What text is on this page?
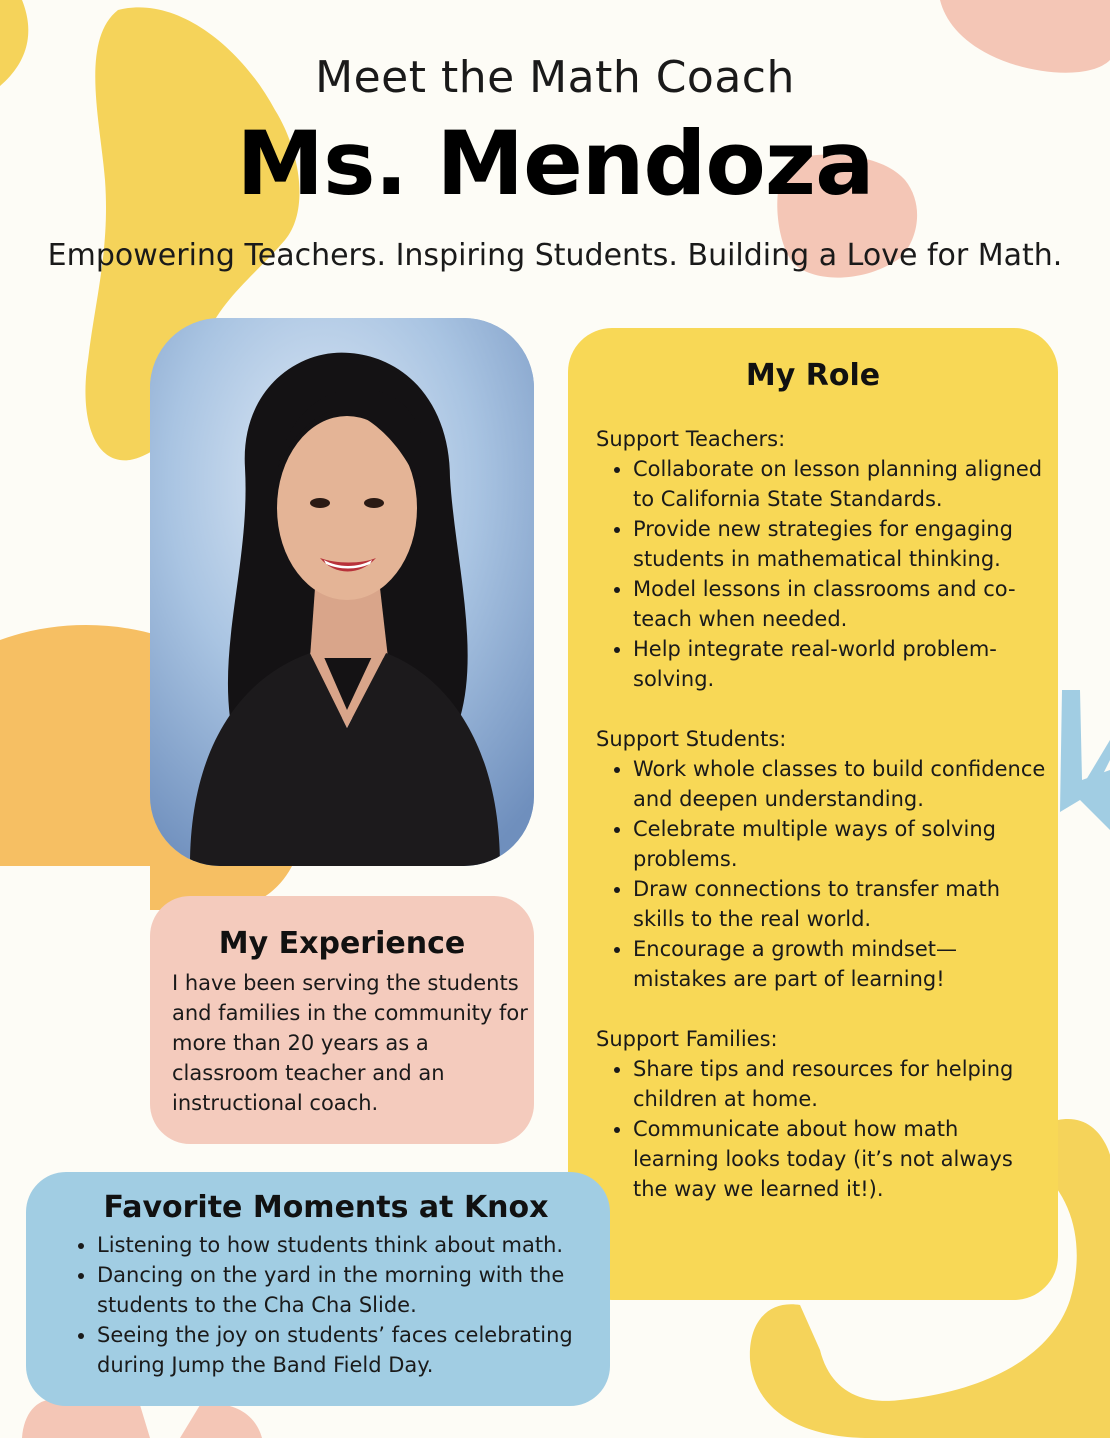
Meet the Math Coach
Ms. Mendoza
Empowering Teachers. Inspiring Students. Building a Love for Math.
My Role

Support Teachers:

• Collaborate on lesson planning aligned to California State Standards.
• Provide new strategies for engaging students in mathematical thinking.
• Model lessons in classrooms and co-teach when needed.
• Help integrate real-world problem-solving.

Support Students:

• Work whole classes to build confidence and deepen understanding.
• Celebrate multiple ways of solving problems.
• Draw connections to transfer math skills to the real world.
• Encourage a growth mindset—mistakes are part of learning!

Support Families:

• Share tips and resources for helping children at home.
• Communicate about how math learning looks today (it’s not always the way we learned it!).
My Experience

I have been serving the students and families in the community for more than 20 years as a classroom teacher and an instructional coach.

Favorite Moments at Knox
• Listening to how students think about math.
• Dancing on the yard in the morning with the students to the Cha Cha Slide.
• Seeing the joy on students’ faces celebrating during Jump the Band Field Day.
